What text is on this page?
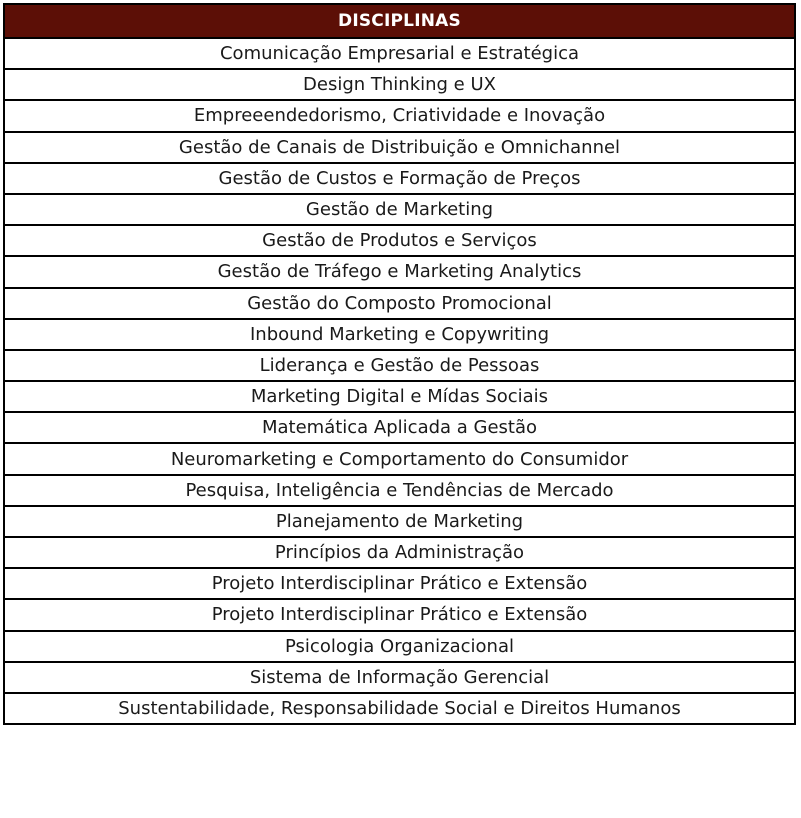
DISCIPLINAS
Comunicação Empresarial e Estratégica
Design Thinking e UX
Empreeendedorismo, Criatividade e Inovação
Gestão de Canais de Distribuição e Omnichannel
Gestão de Custos e Formação de Preços
Gestão de Marketing
Gestão de Produtos e Serviços
Gestão de Tráfego e Marketing Analytics
Gestão do Composto Promocional
Inbound Marketing e Copywriting
Liderança e Gestão de Pessoas
Marketing Digital e Mídas Sociais
Matemática Aplicada a Gestão
Neuromarketing e Comportamento do Consumidor
Pesquisa, Inteligência e Tendências de Mercado
Planejamento de Marketing
Princípios da Administração
Projeto Interdisciplinar Prático e Extensão
Projeto Interdisciplinar Prático e Extensão
Psicologia Organizacional
Sistema de Informação Gerencial
Sustentabilidade, Responsabilidade Social e Direitos Humanos
